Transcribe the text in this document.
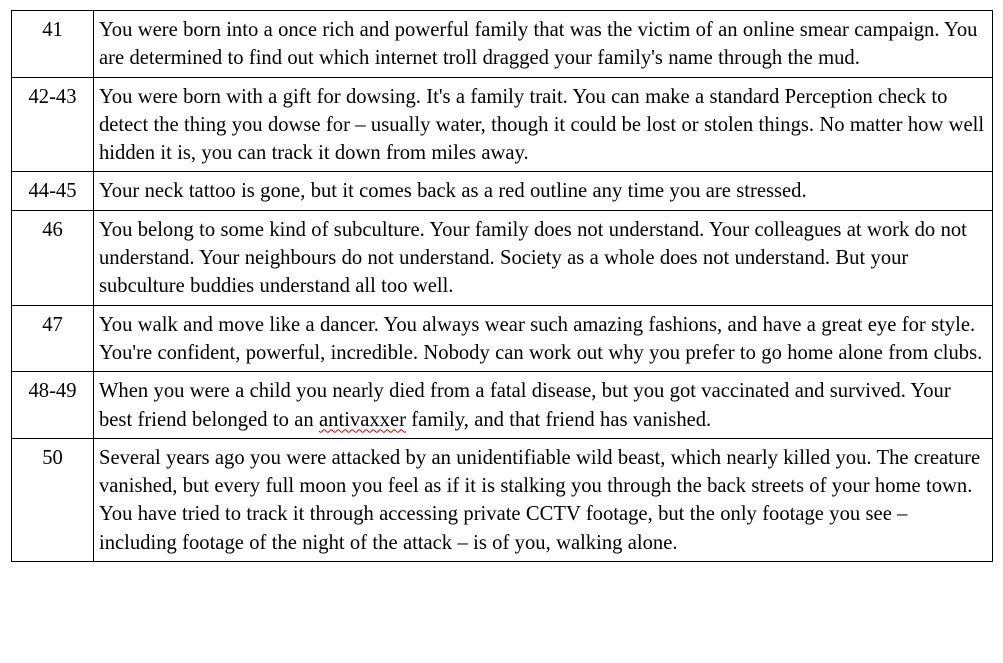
41	You were born into a once rich and powerful family that was the victim of an online smear campaign. You are determined to find out which internet troll dragged your family's name through the mud.
42-43	You were born with a gift for dowsing. It's a family trait. You can make a standard Perception check to detect the thing you dowse for – usually water, though it could be lost or stolen things. No matter how well hidden it is, you can track it down from miles away.
44-45	Your neck tattoo is gone, but it comes back as a red outline any time you are stressed.
46	You belong to some kind of subculture. Your family does not understand. Your colleagues at work do not understand. Your neighbours do not understand. Society as a whole does not understand. But your subculture buddies understand all too well.
47	You walk and move like a dancer. You always wear such amazing fashions, and have a great eye for style. You're confident, powerful, incredible. Nobody can work out why you prefer to go home alone from clubs.
48-49	When you were a child you nearly died from a fatal disease, but you got vaccinated and survived. Your best friend belonged to an antivaxxer family, and that friend has vanished.
50	Several years ago you were attacked by an unidentifiable wild beast, which nearly killed you. The creature vanished, but every full moon you feel as if it is stalking you through the back streets of your home town. You have tried to track it through accessing private CCTV footage, but the only footage you see – including footage of the night of the attack – is of you, walking alone.
